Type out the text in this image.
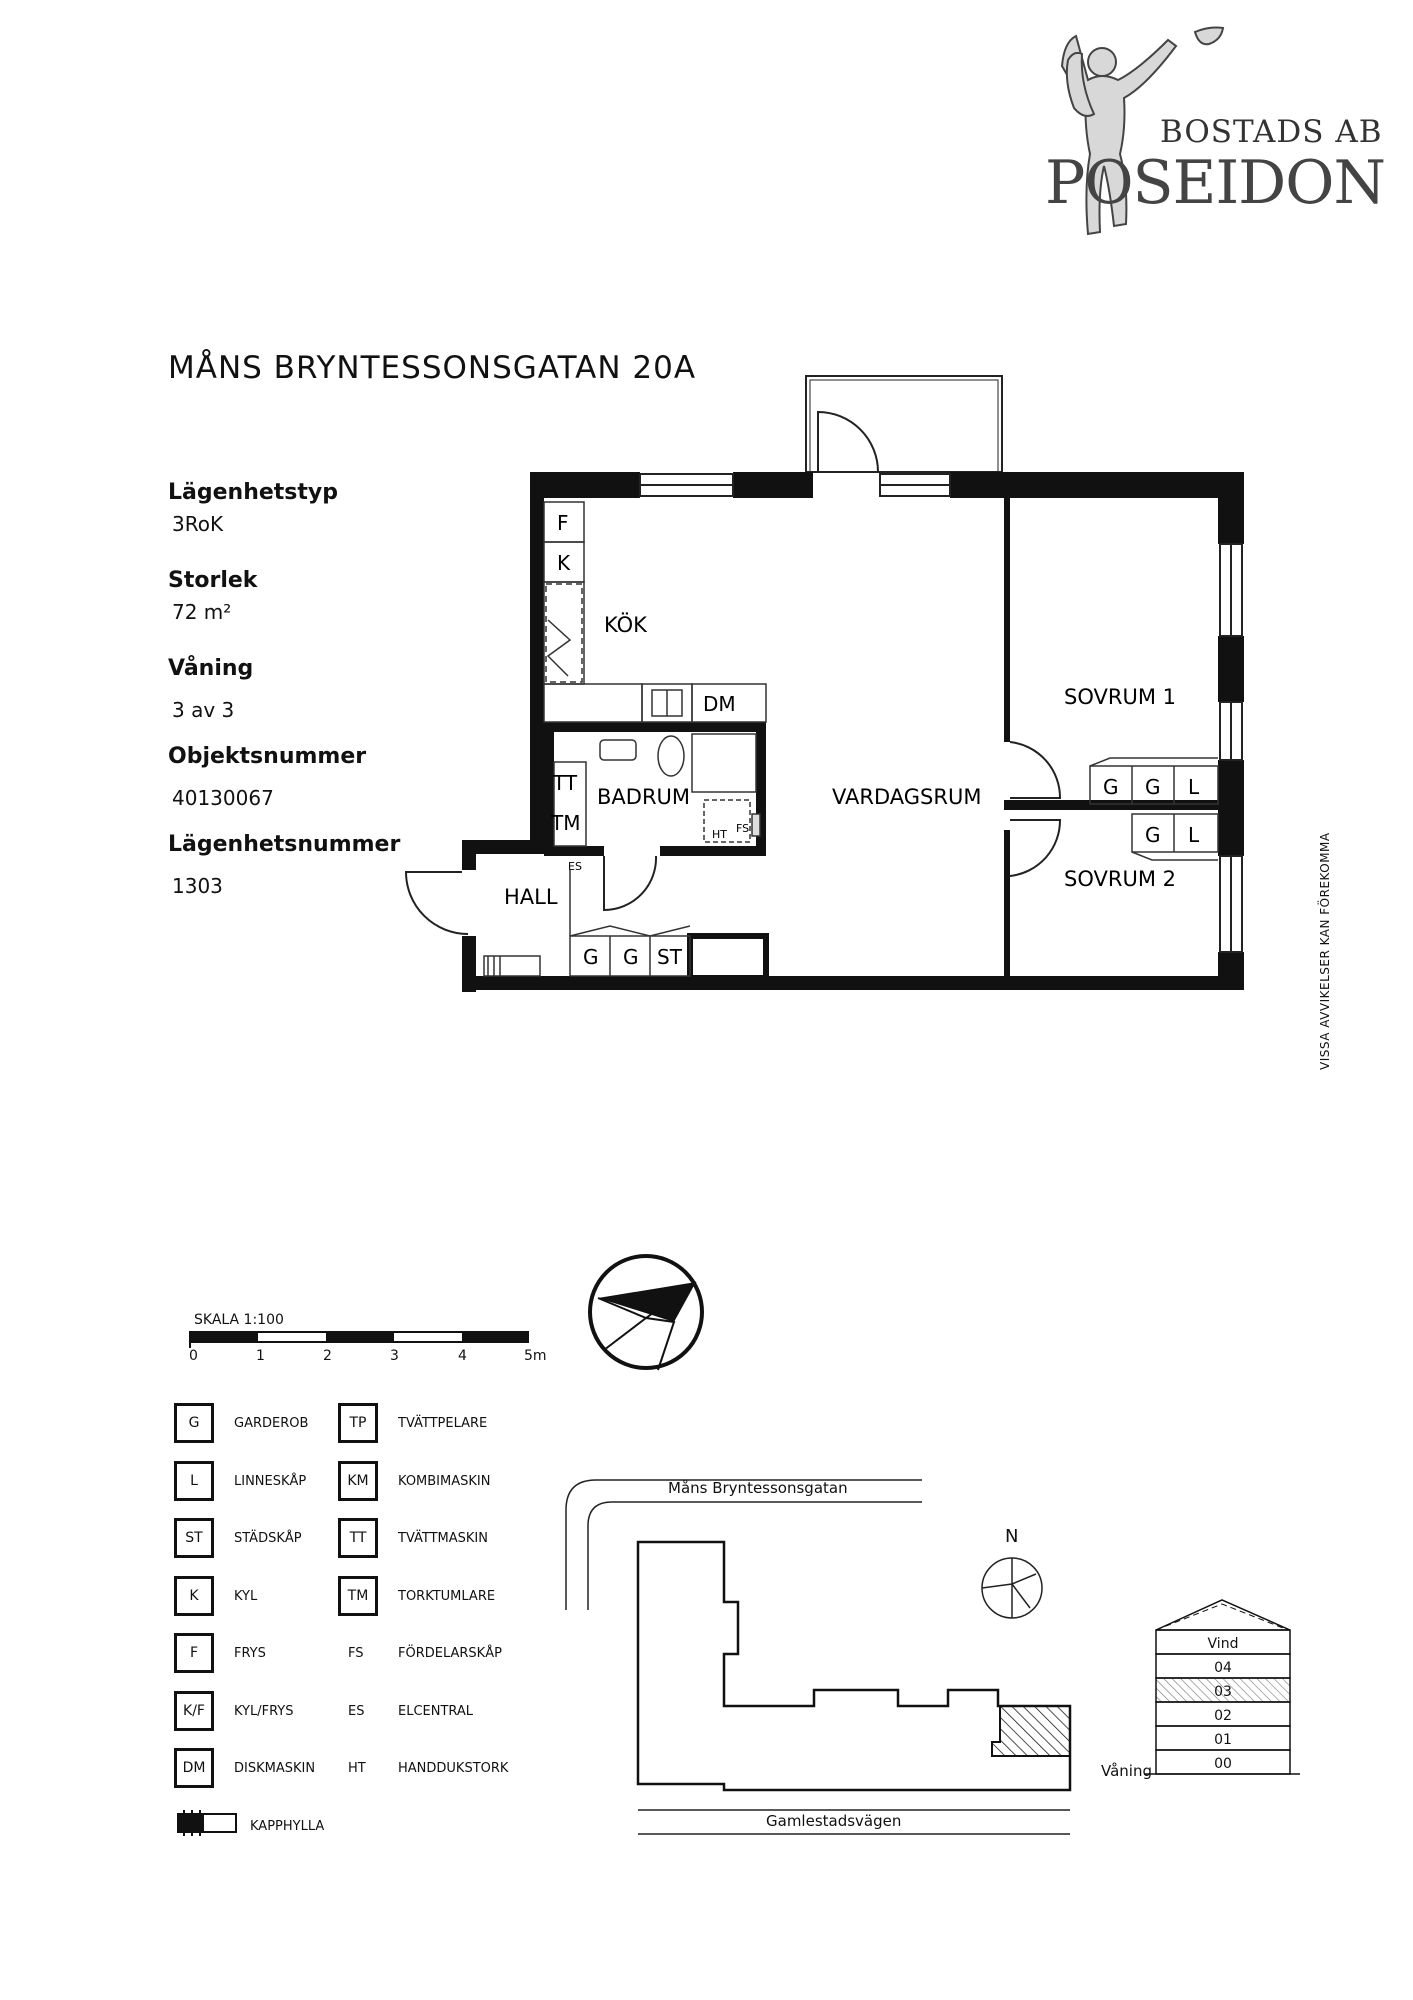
BOSTADS AB
POSEIDON
MÅNS BRYNTESSONSGATAN 20A
Lägenhetstyp
3RoK
Storlek
72 m²
Våning
3 av 3
Objektsnummer
40130067
Lägenhetsnummer
1303
KÖK
VARDAGSRUM
SOVRUM 1
SOVRUM 2
BADRUM
HALL
F
K
DM
TT
TM	FS
HT
ES
G G ST
G G L
G L	VISSA AVVIKELSER KAN FÖREKOMMA
SKALA 1:100
0	1	2	3	4	5m
G	GARDEROB
L	LINNESKÅP
ST	STÄDSKÅP
K	KYL
F	FRYS
K/F	KYL/FRYS
DM	DISKMASKIN
TP	TVÄTTPELARE
KM	KOMBIMASKIN
TT	TVÄTTMASKIN
TM	TORKTUMLARE
FS	FÖRDELARSKÅP
ES	ELCENTRAL
HT HANDDUKSTORK
KAPPHYLLA
Måns Bryntessonsgatan
Gamlestadsvägen
N
Vind
04
03
02
01
00
Våning
